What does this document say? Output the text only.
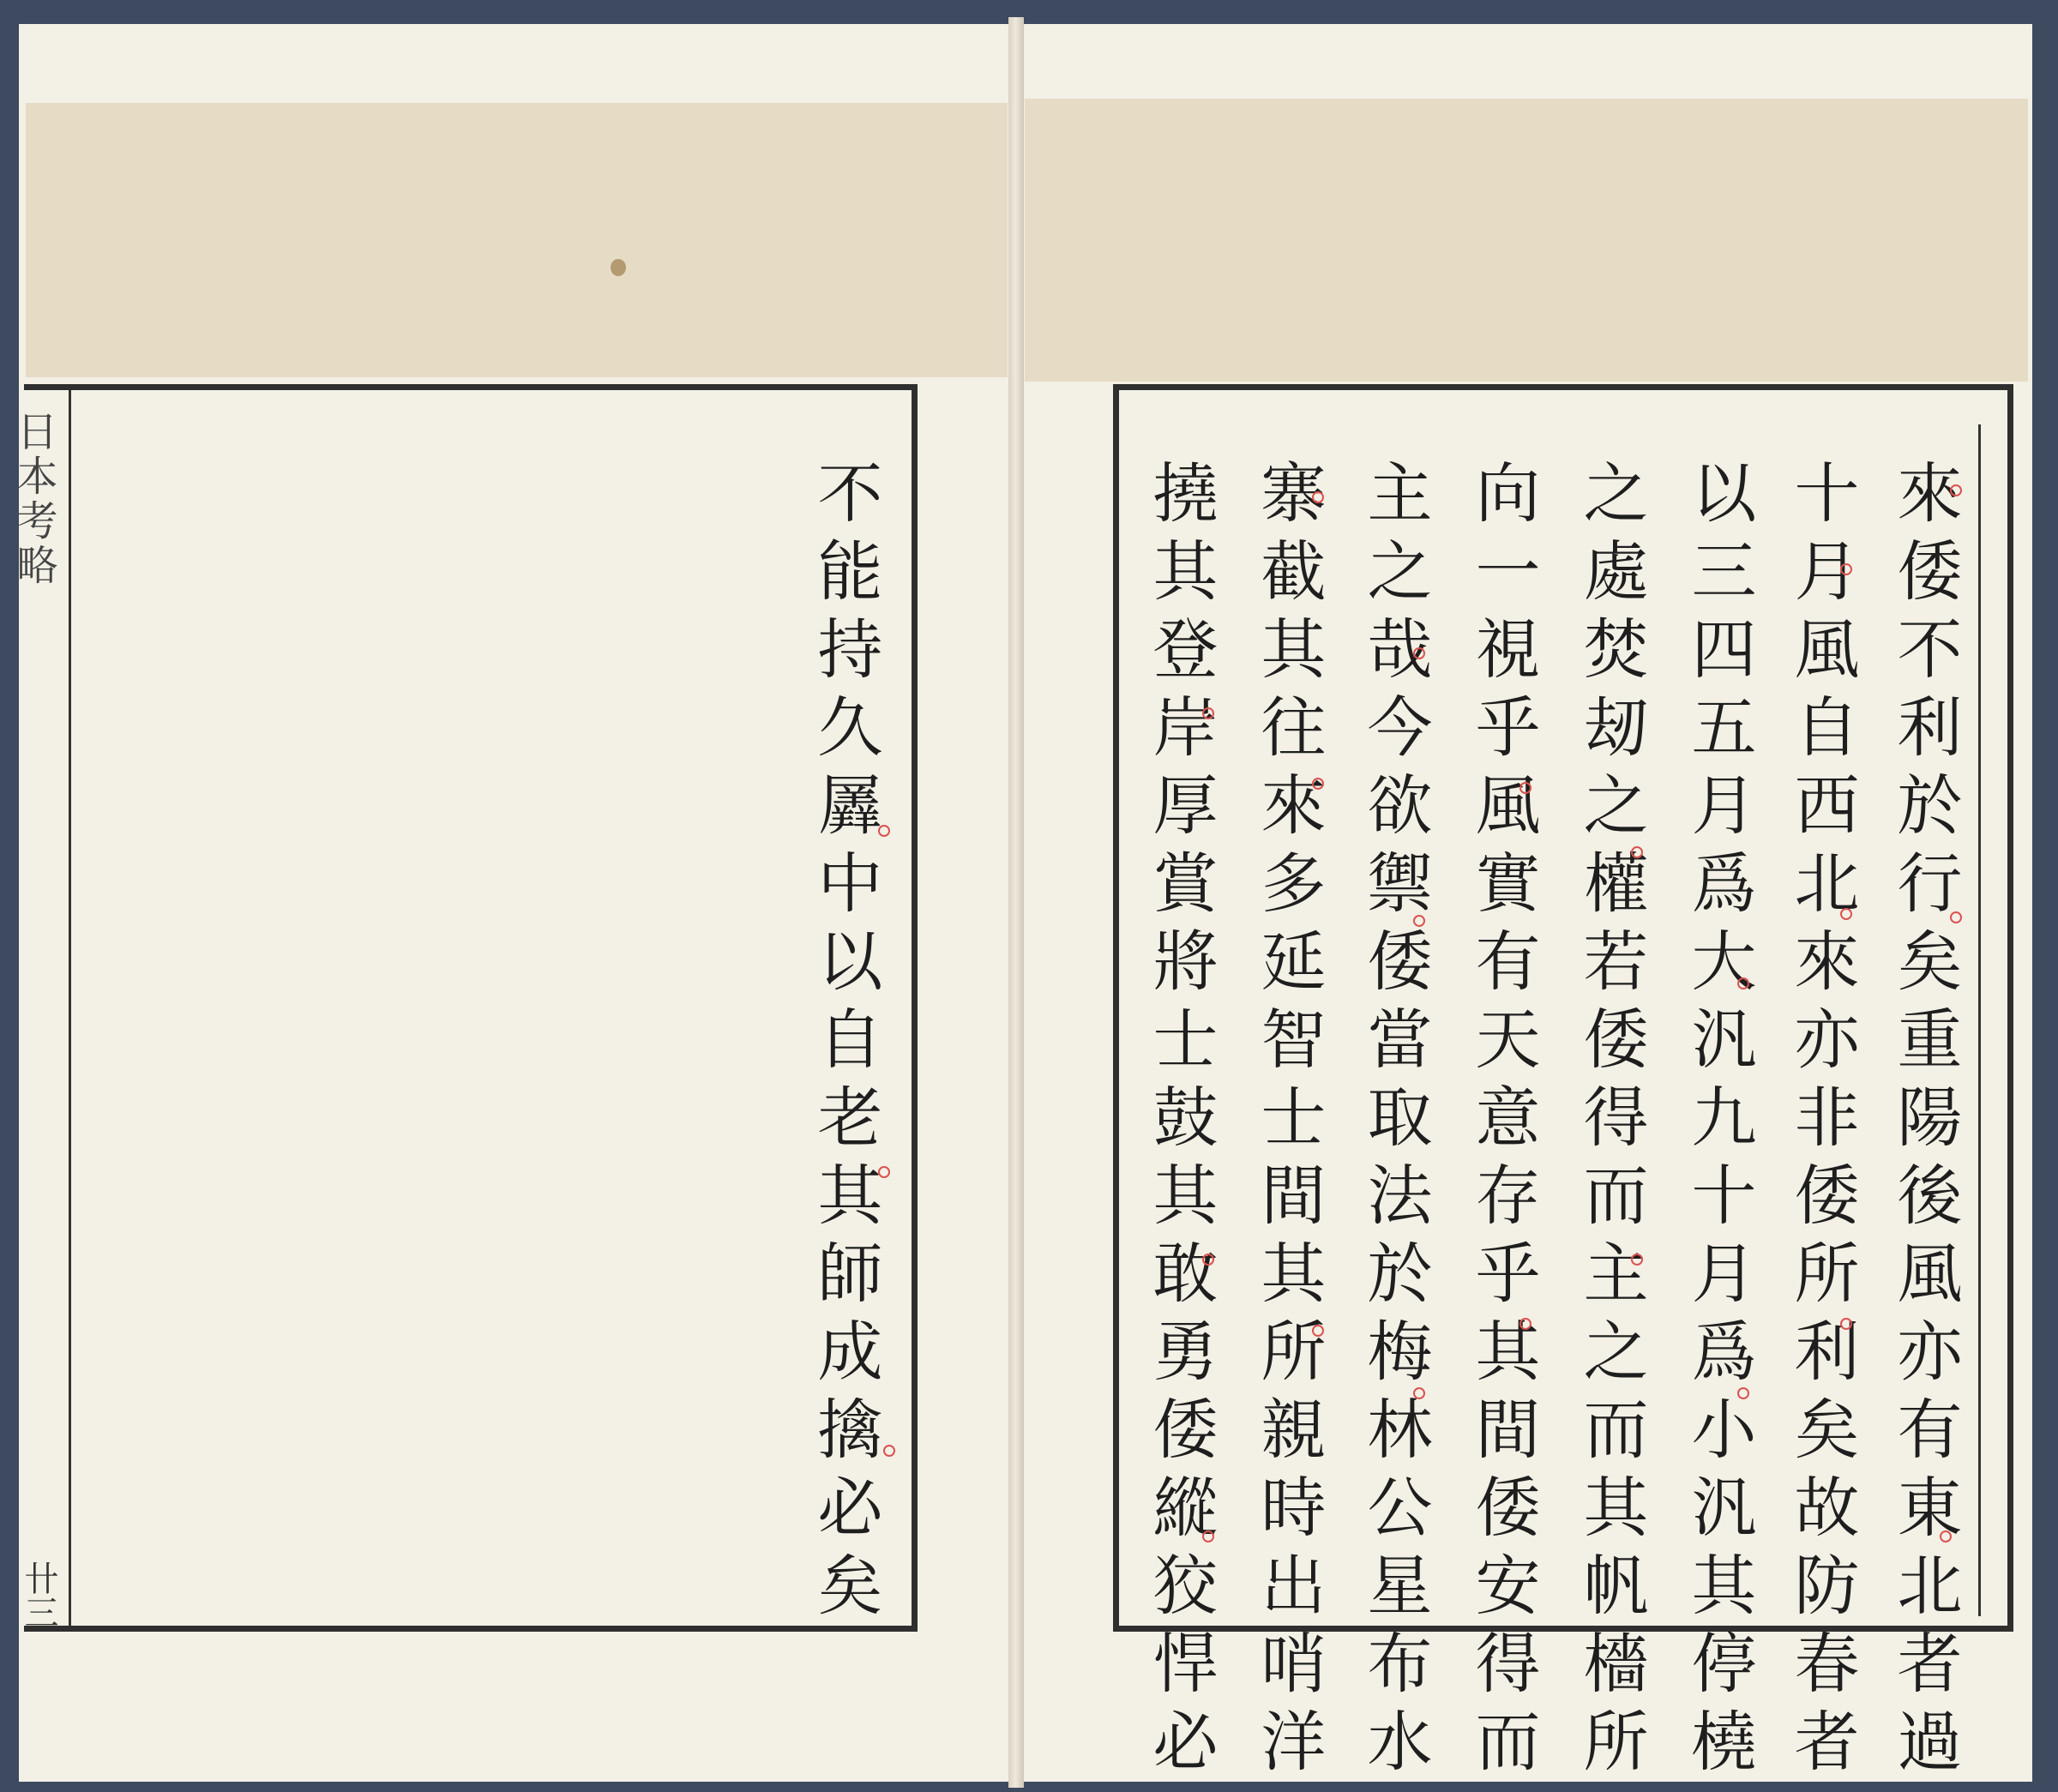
日本考略
卄三	不能持久羼中以自老其師成擒必矣	來倭不利於行矣重陽後風亦有東北者過
十月風自西北來亦非倭所利矣故防春者
以三四五月爲大汎九十月爲小汎其停橈
之處焚刼之權若倭得而主之而其帆檣所
向一視乎風實有天意存乎其間倭安得而
主之哉今欲禦倭當取法於梅林公星布水
寨截其往來多延智士間其所親時出哨洋
撓其登岸厚賞將士鼓其敢勇倭縱狡悍必
